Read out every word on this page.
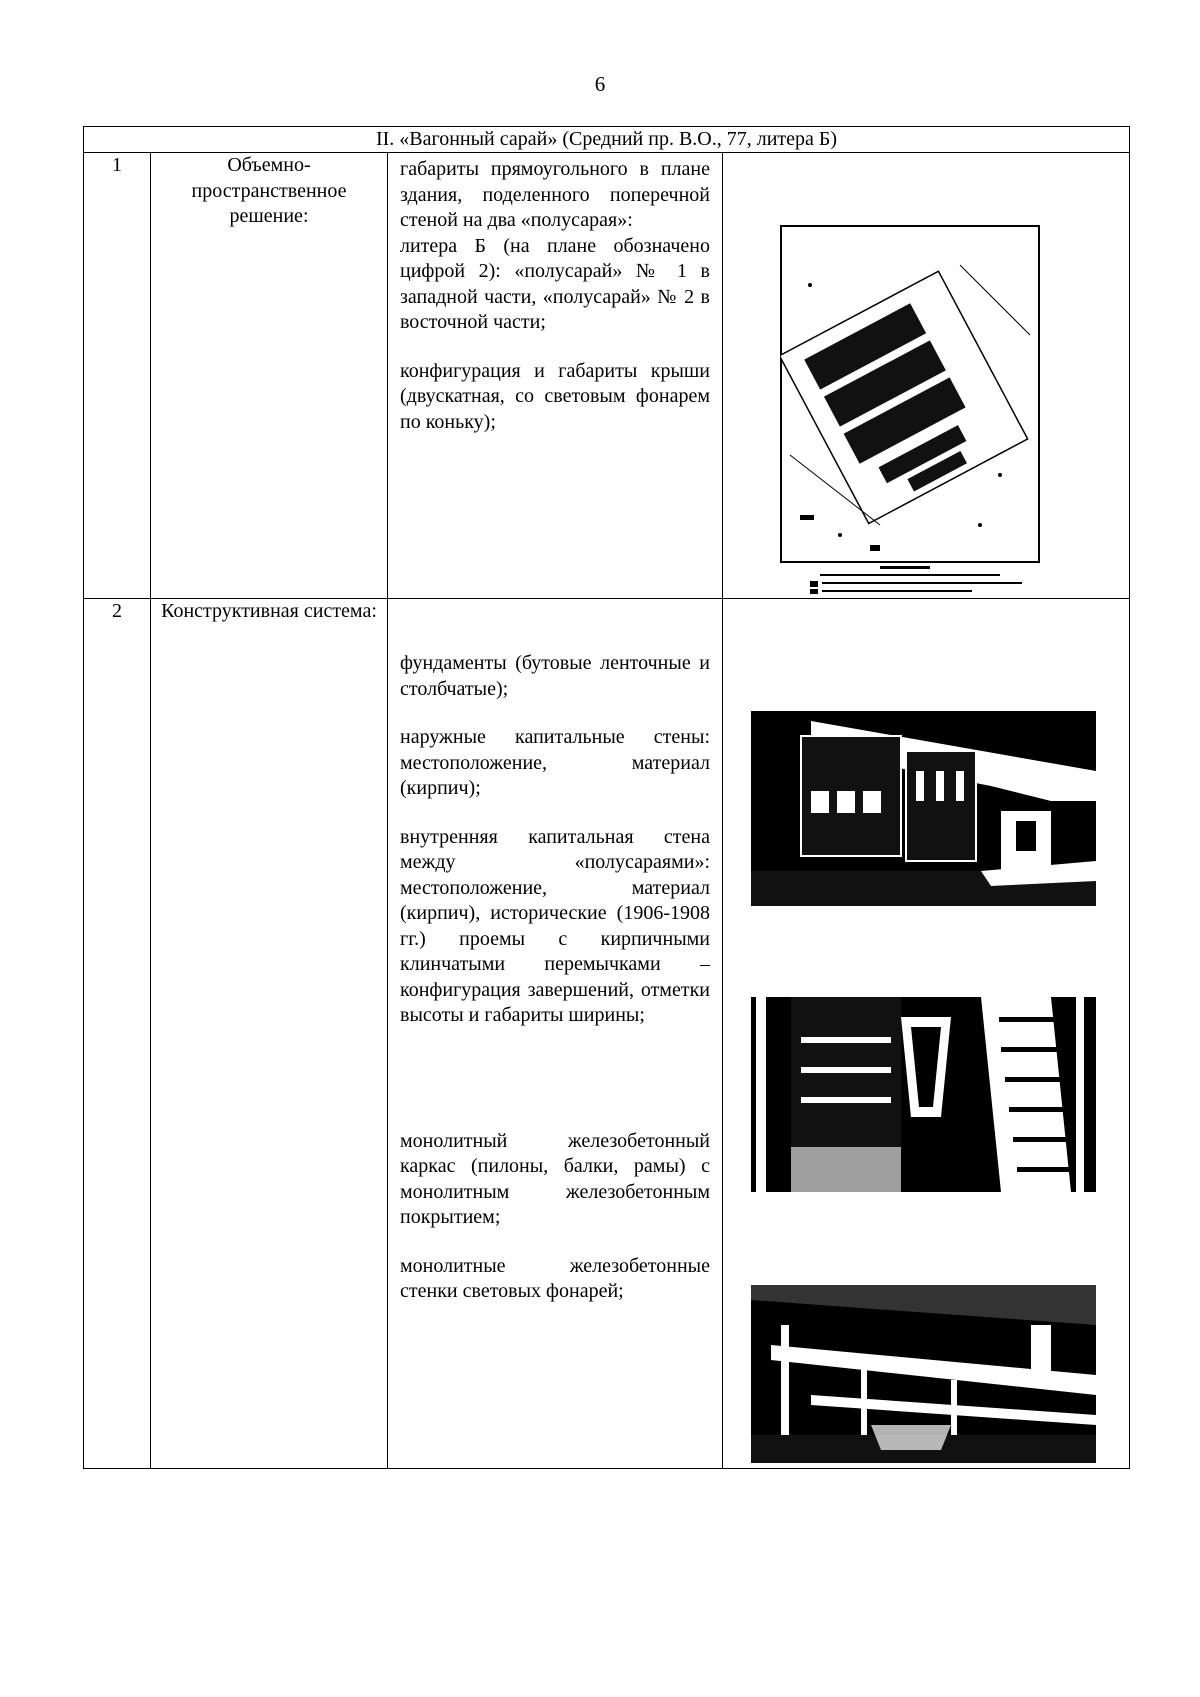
6
II. «Вагонный сарай» (Средний пр. В.О., 77, литера Б)			
1	Объемно-пространственное решение:	габариты прямоугольного в плане здания, поделенного поперечной стеной на два «полусарая»:

литера Б (на плане обозначено цифрой 2): «полусарай» № 1 в западной части, «полусарай» № 2 в восточной части;

конфигурация и габариты крыши (двускатная, со световым фонарем по коньку);

2	Конструктивная система:	фундаменты (бутовые ленточные и столбчатые);

наружные капитальные стены: местоположение, материал (кирпич);

внутренняя капитальная стена между «полусараями»: местоположение, материал (кирпич), исторические (1906-1908 гг.) проемы с кирпичными клинчатыми перемычками – конфигурация завершений, отметки высоты и габариты ширины;

монолитный железобетонный каркас (пилоны, балки, рамы) с монолитным железобетонным покрытием;

монолитные железобетонные стенки световых фонарей;
